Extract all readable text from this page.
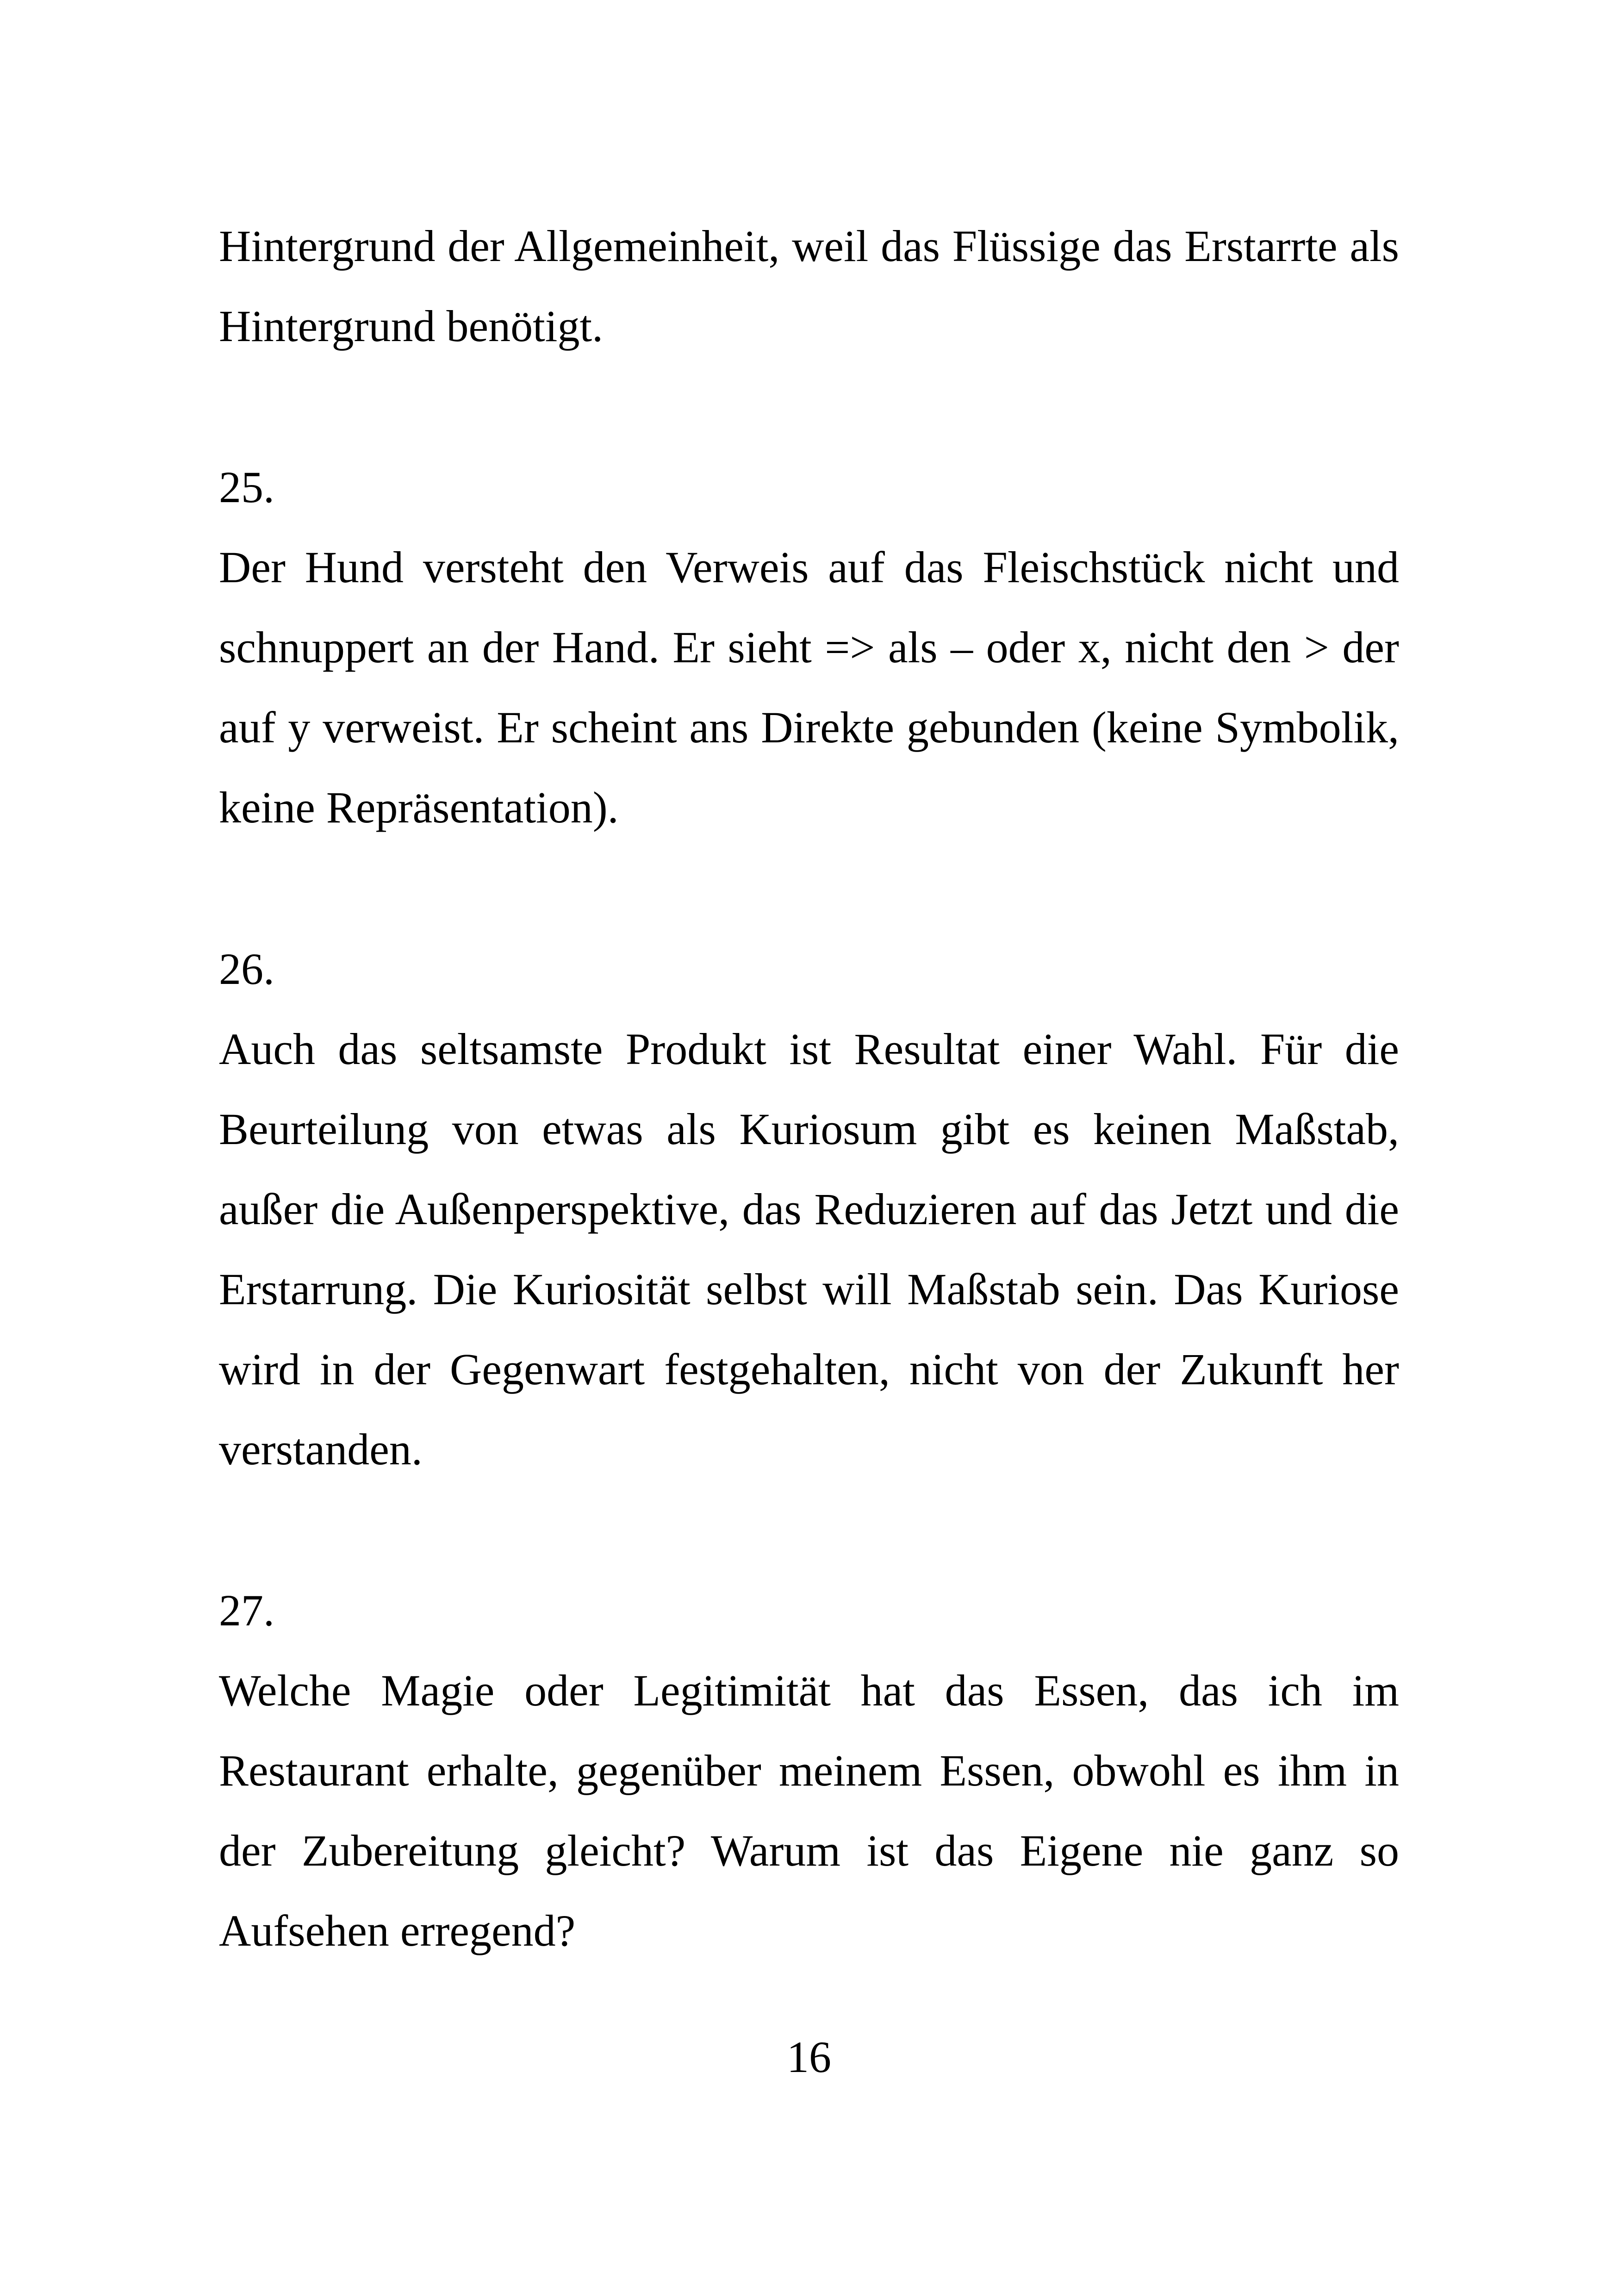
Hintergrund der Allgemeinheit, weil das Flüssige das Erstarrte als Hintergrund benötigt.

25.

Der Hund versteht den Verweis auf das Fleischstück nicht und schnuppert an der Hand. Er sieht => als – oder x, nicht den > der auf y verweist. Er scheint ans Direkte gebunden (keine Symbolik, keine Repräsentation).

26.

Auch das seltsamste Produkt ist Resultat einer Wahl. Für die Beurteilung von etwas als Kuriosum gibt es keinen Maßstab, außer die Außenperspektive, das Reduzieren auf das Jetzt und die Erstarrung. Die Kuriosität selbst will Maßstab sein. Das Kuriose wird in der Gegenwart festgehalten, nicht von der Zukunft her verstanden.

27.

Welche Magie oder Legitimität hat das Essen, das ich im Restaurant erhalte, gegenüber meinem Essen, obwohl es ihm in der Zubereitung gleicht? Warum ist das Eigene nie ganz so Aufsehen erregend?

16
